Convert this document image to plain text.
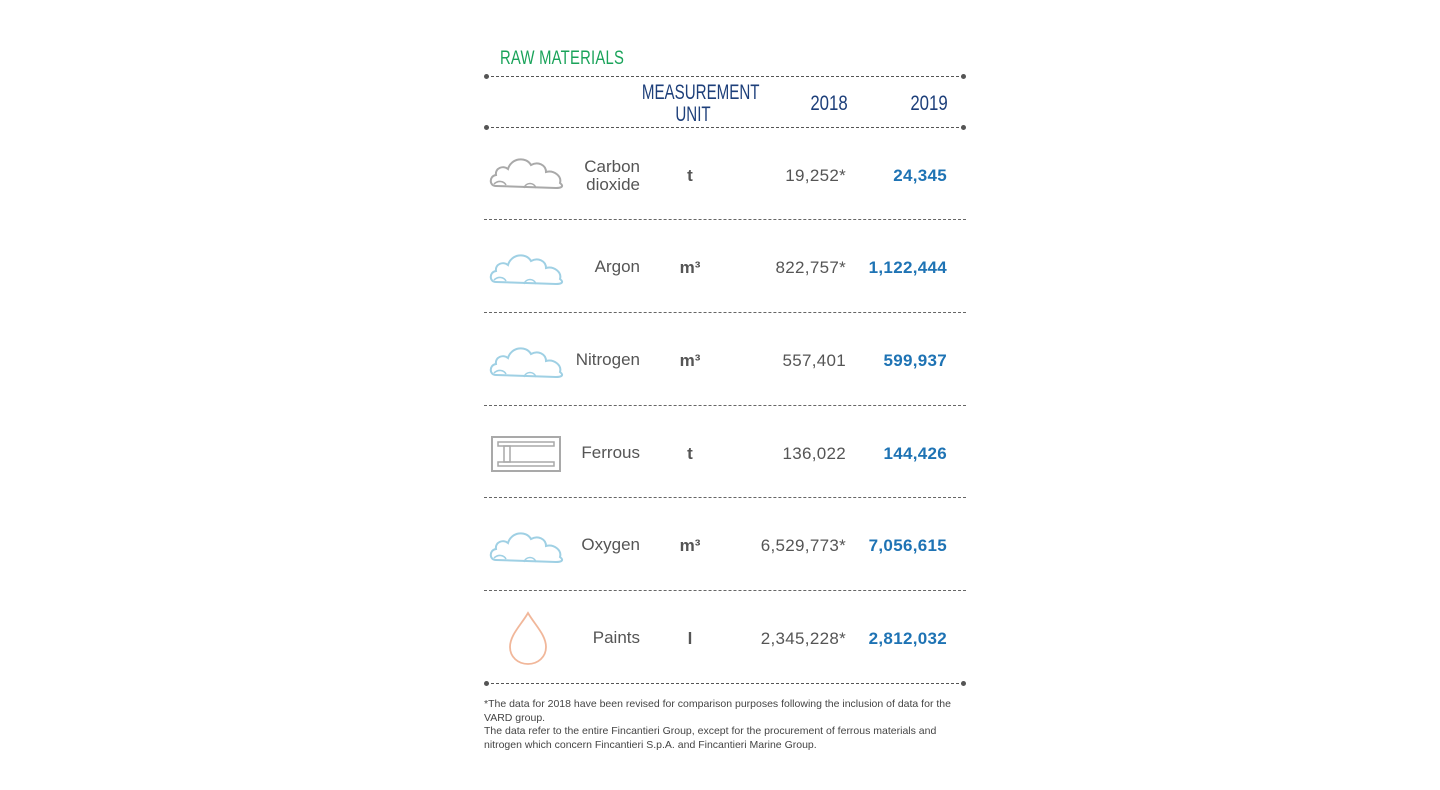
RAW MATERIALS
MEASUREMENT
UNIT	2018	2019
Carbon
dioxide	t	19,252*	24,345
Argon	m³	822,757* 1,122,444
Nitrogen	m³	557,401 599,937
Ferrous	t	136,022 144,426
Oxygen	m³	6,529,773* 7,056,615
Paints	l	2,345,228* 2,812,032

*The data for 2018 have been revised for comparison purposes following the inclusion of data for the VARD group.

The data refer to the entire Fincantieri Group, except for the procurement of ferrous materials and nitrogen which concern Fincantieri S.p.A. and Fincantieri Marine Group.
